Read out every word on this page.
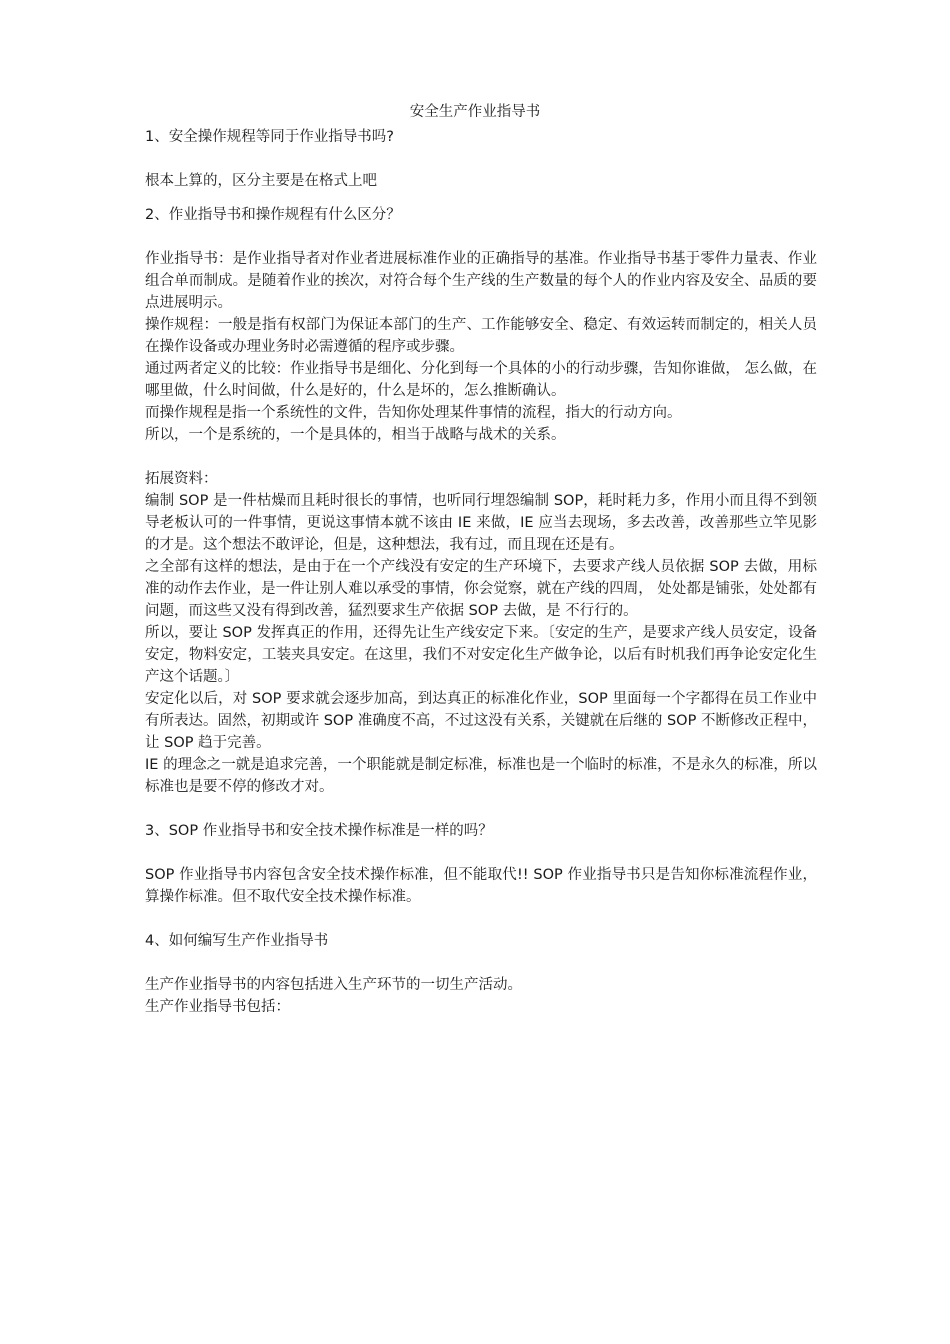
安全生产作业指导书

1、安全操作规程等同于作业指导书吗?

根本上算的，区分主要是在格式上吧

2、作业指导书和操作规程有什么区分？

作业指导书：是作业指导者对作业者进展标准作业的正确指导的基准。作业指导书基于零件力量表、作业组合单而制成。是随着作业的挨次，对符合每个生产线的生产数量的每个人的作业内容及安全、品质的要点进展明示。

操作规程：一般是指有权部门为保证本部门的生产、工作能够安全、稳定、有效运转而制定的，相关人员在操作设备或办理业务时必需遵循的程序或步骤。

通过两者定义的比较：作业指导书是细化、分化到每一个具体的小的行动步骤，告知你谁做， 怎么做，在哪里做，什么时间做，什么是好的，什么是坏的，怎么推断确认。

而操作规程是指一个系统性的文件，告知你处理某件事情的流程，指大的行动方向。

所以，一个是系统的，一个是具体的，相当于战略与战术的关系。

拓展资料：

编制 SOP 是一件枯燥而且耗时很长的事情，也听同行埋怨编制 SOP，耗时耗力多，作用小而且得不到领导老板认可的一件事情，更说这事情本就不该由 IE 来做，IE 应当去现场，多去改善，改善那些立竿见影的才是。这个想法不敢评论，但是，这种想法，我有过，而且现在还是有。

之全部有这样的想法，是由于在一个产线没有安定的生产环境下，去要求产线人员依据 SOP 去做，用标准的动作去作业，是一件让别人难以承受的事情，你会觉察，就在产线的四周， 处处都是铺张，处处都有问题，而这些又没有得到改善，猛烈要求生产依据 SOP 去做，是 不行行的。

所以，要让 SOP 发挥真正的作用，还得先让生产线安定下来。〔安定的生产，是要求产线人员安定，设备安定，物料安定，工装夹具安定。在这里，我们不对安定化生产做争论，以后有时机我们再争论安定化生产这个话题。〕

安定化以后，对 SOP 要求就会逐步加高，到达真正的标准化作业，SOP 里面每一个字都得在员工作业中有所表达。固然，初期或许 SOP 准确度不高，不过这没有关系，关键就在后继的 SOP 不断修改正程中，让 SOP 趋于完善。

IE 的理念之一就是追求完善，一个职能就是制定标准，标准也是一个临时的标准，不是永久的标准，所以标准也是要不停的修改才对。

3、SOP 作业指导书和安全技术操作标准是一样的吗？

SOP 作业指导书内容包含安全技术操作标准，但不能取代!! SOP 作业指导书只是告知你标准流程作业，算操作标准。但不取代安全技术操作标准。

4、如何编写生产作业指导书

生产作业指导书的内容包括进入生产环节的一切生产活动。

生产作业指导书包括：
